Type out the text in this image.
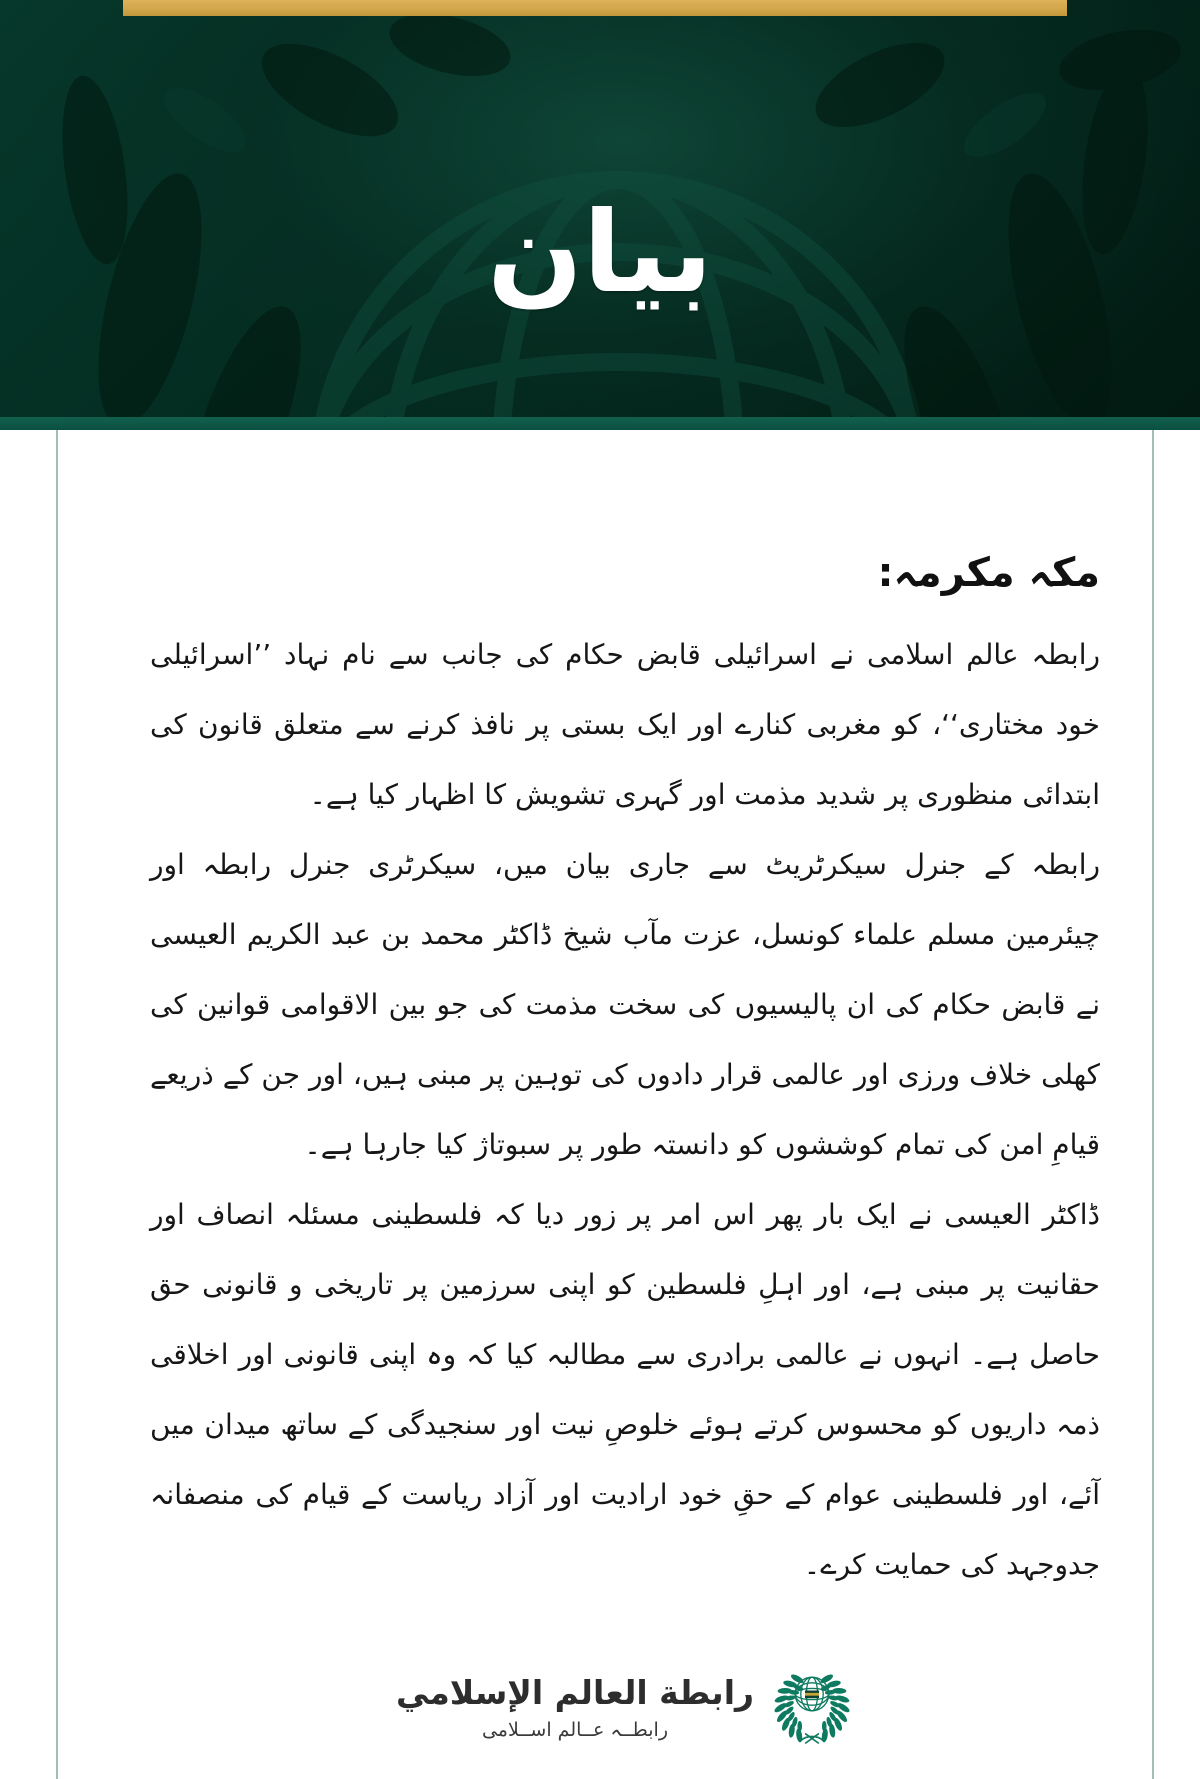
بیان
مکہ مکرمہ:

رابطہ عالم اسلامی نے اسرائیلی قابض حکام کی جانب سے نام نہاد ’’اسرائیلی خود مختاری‘‘، کو مغربی کنارے اور ایک بستی پر نافذ کرنے سے متعلق قانون کی ابتدائی منظوری پر شدید مذمت اور گہری تشویش کا اظہار کیا ہے۔

رابطہ کے جنرل سیکرٹریٹ سے جاری بیان میں، سیکرٹری جنرل رابطہ اور چیئرمین مسلم علماء کونسل، عزت مآب شیخ ڈاکٹر محمد بن عبد الکریم العیسی نے قابض حکام کی ان پالیسیوں کی سخت مذمت کی جو بین الاقوامی قوانین کی کھلی خلاف ورزی اور عالمی قرار دادوں کی توہین پر مبنی ہیں، اور جن کے ذریعے قیامِ امن کی تمام کوششوں کو دانستہ طور پر سبوتاژ کیا جارہا ہے۔

ڈاکٹر العیسی نے ایک بار پھر اس امر پر زور دیا کہ فلسطینی مسئلہ انصاف اور حقانیت پر مبنی ہے، اور اہلِ فلسطین کو اپنی سرزمین پر تاریخی و قانونی حق حاصل ہے۔ انہوں نے عالمی برادری سے مطالبہ کیا کہ وہ اپنی قانونی اور اخلاقی ذمہ داریوں کو محسوس کرتے ہوئے خلوصِ نیت اور سنجیدگی کے ساتھ میدان میں آئے، اور فلسطینی عوام کے حقِ خود ارادیت اور آزاد ریاست کے قیام کی منصفانہ جدوجہد کی حمایت کرے۔

رابطة العالم الإسلامي
رابطــہ عــالم اســلامی
